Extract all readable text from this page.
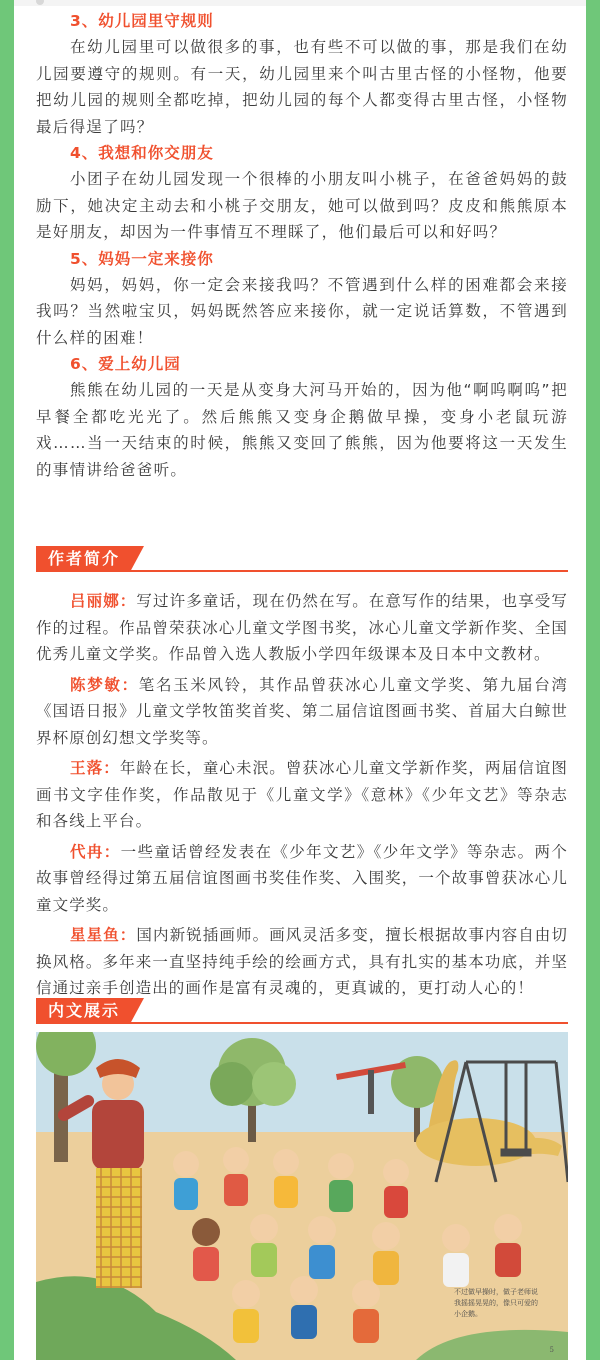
3、幼儿园里守规则

在幼儿园里可以做很多的事，也有些不可以做的事，那是我们在幼儿园要遵守的规则。有一天，幼儿园里来个叫古里古怪的小怪物，他要把幼儿园的规则全都吃掉，把幼儿园的每个人都变得古里古怪，小怪物最后得逞了吗？

4、我想和你交朋友

小团子在幼儿园发现一个很棒的小朋友叫小桃子，在爸爸妈妈的鼓励下，她决定主动去和小桃子交朋友，她可以做到吗？皮皮和熊熊原本是好朋友，却因为一件事情互不理睬了，他们最后可以和好吗？

5、妈妈一定来接你

妈妈，妈妈，你一定会来接我吗？不管遇到什么样的困难都会来接我吗？当然啦宝贝，妈妈既然答应来接你，就一定说话算数，不管遇到什么样的困难！

6、爱上幼儿园

熊熊在幼儿园的一天是从变身大河马开始的，因为他“啊呜啊呜”把早餐全都吃光光了。然后熊熊又变身企鹅做早操，变身小老鼠玩游戏……当一天结束的时候，熊熊又变回了熊熊，因为他要将这一天发生的事情讲给爸爸听。

作者简介

吕丽娜：写过许多童话，现在仍然在写。在意写作的结果，也享受写作的过程。作品曾荣获冰心儿童文学图书奖，冰心儿童文学新作奖、全国优秀儿童文学奖。作品曾入选人教版小学四年级课本及日本中文教材。

陈梦敏：笔名玉米风铃，其作品曾获冰心儿童文学奖、第九届台湾《国语日报》儿童文学牧笛奖首奖、第二届信谊图画书奖、首届大白鲸世界杯原创幻想文学奖等。

王落：年龄在长，童心未泯。曾获冰心儿童文学新作奖，两届信谊图画书文字佳作奖，作品散见于《儿童文学》《意林》《少年文艺》等杂志和各线上平台。

代冉：一些童话曾经发表在《少年文艺》《少年文学》等杂志。两个故事曾经得过第五届信谊图画书奖佳作奖、入围奖，一个故事曾获冰心儿童文学奖。

星星鱼：国内新锐插画师。画风灵活多变，擅长根据故事内容自由切换风格。多年来一直坚持纯手绘的绘画方式，具有扎实的基本功底，并坚信通过亲手创造出的画作是富有灵魂的，更真诚的，更打动人心的！

内文展示
不过做早操时，做子老师说我摇摇晃晃的，像只可爱的小企鹅。
5
